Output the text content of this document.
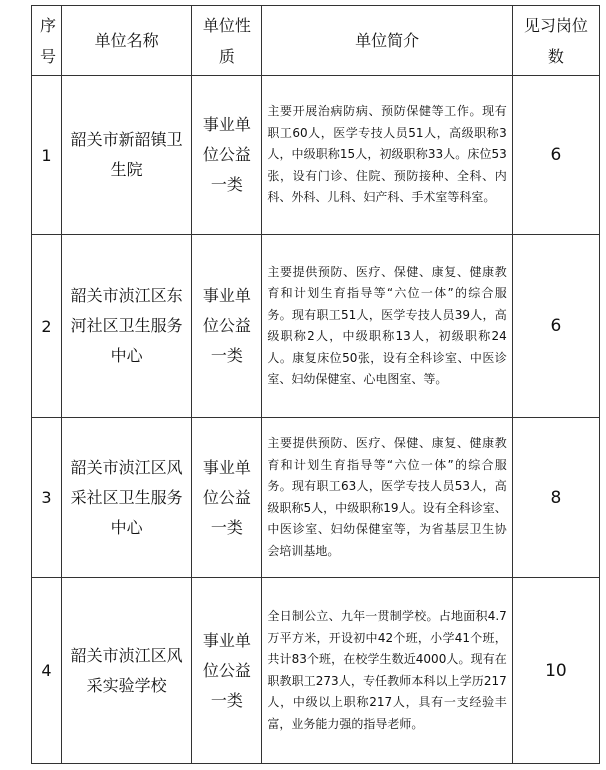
序号	单位名称	单位性质	单位简介	见习岗位数
1	韶关市新韶镇卫生院	事业单位公益一类	主要开展治病防病、预防保健等工作。现有职工60人，医学专技人员51人，高级职称3人，中级职称15人，初级职称33人。床位53张，设有门诊、住院、预防接种、全科、内科、外科、儿科、妇产科、手术室等科室。	6
2	韶关市浈江区东河社区卫生服务中心	事业单位公益一类	主要提供预防、医疗、保健、康复、健康教育和计划生育指导等“六位一体”的综合服务。现有职工51人，医学专技人员39人，高级职称2人，中级职称13人，初级职称24人。康复床位50张，设有全科诊室、中医诊室、妇幼保健室、心电图室、等。	6
3	韶关市浈江区风采社区卫生服务中心	事业单位公益一类	主要提供预防、医疗、保健、康复、健康教育和计划生育指导等“六位一体”的综合服务。现有职工63人，医学专技人员53人，高级职称5人，中级职称19人。设有全科诊室、中医诊室、妇幼保健室等，为省基层卫生协会培训基地。	8
4	韶关市浈江区风采实验学校	事业单位公益一类	全日制公立、九年一贯制学校。占地面积4.7万平方米，开设初中42个班，小学41个班，共计83个班，在校学生数近4000人。现有在职教职工273人，专任教师本科以上学历217人，中级以上职称217人，具有一支经验丰富，业务能力强的指导老师。	10
